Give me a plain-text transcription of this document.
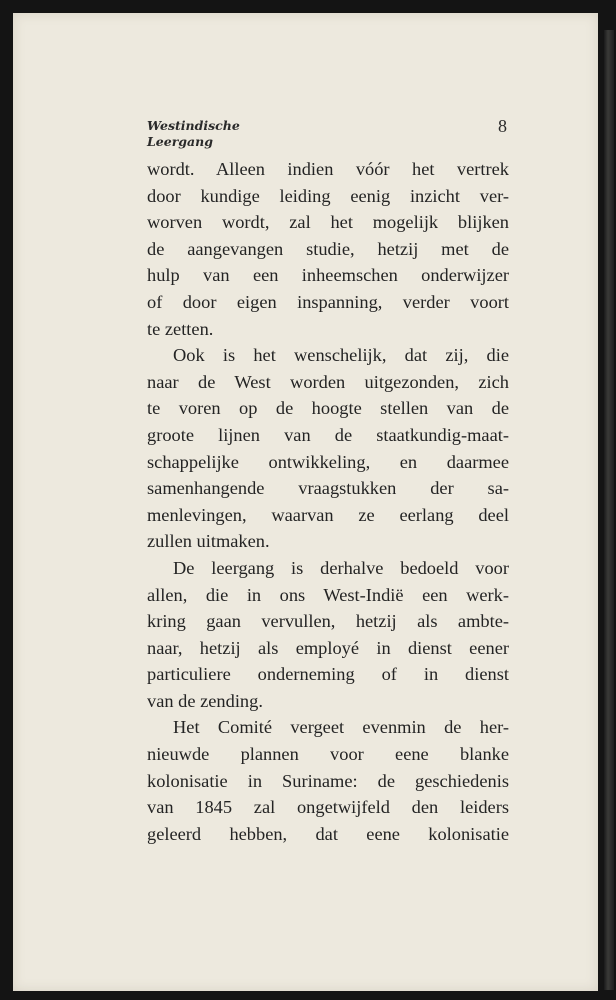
Westindische
Leergang
8
wordt. Alleen indien vóór het vertrek
door kundige leiding eenig inzicht ver-
worven wordt, zal het mogelijk blijken
de aangevangen studie, hetzij met de
hulp van een inheemschen onderwijzer
of door eigen inspanning, verder voort
te zetten.
Ook is het wenschelijk, dat zij, die
naar de West worden uitgezonden, zich
te voren op de hoogte stellen van de
groote lijnen van de staatkundig-maat-
schappelijke ontwikkeling, en daarmee
samenhangende vraagstukken der sa-
menlevingen, waarvan ze eerlang deel
zullen uitmaken.
De leergang is derhalve bedoeld voor
allen, die in ons West-Indië een werk-
kring gaan vervullen, hetzij als ambte-
naar, hetzij als employé in dienst eener
particuliere onderneming of in dienst
van de zending.
Het Comité vergeet evenmin de her-
nieuwde plannen voor eene blanke
kolonisatie in Suriname: de geschiedenis
van 1845 zal ongetwijfeld den leiders
geleerd hebben, dat eene kolonisatie
